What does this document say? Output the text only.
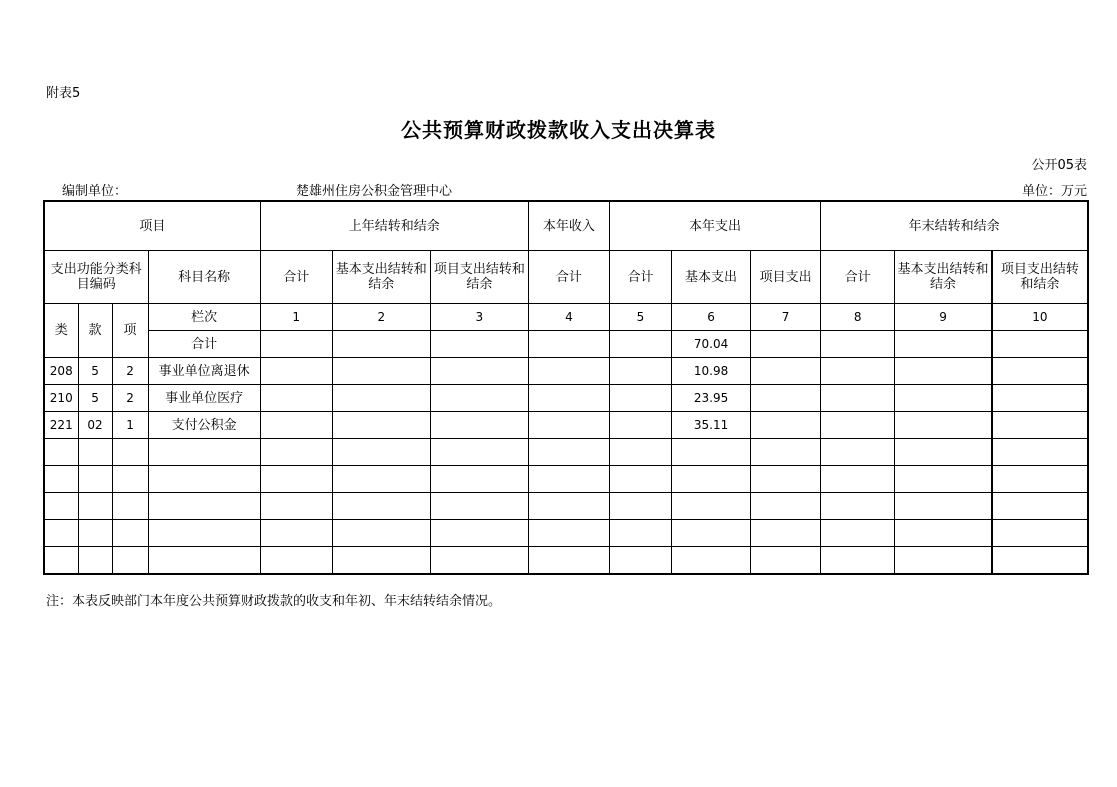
附表5
公共预算财政拨款收入支出决算表
公开05表
编制单位：	楚雄州住房公积金管理中心	单位：万元
项目				上年结转和结余			本年收入	本年支出			年末结转和结余		
支出功能分类科目编码			科目名称	合计	基本支出结转和结余	项目支出结转和结余	合计	合计	基本支出	项目支出	合计	基本支出结转和结余	项目支出结转和结余
类	款	项	栏次	1	2	3	4	5	6	7	8	9	10
			合计						70.04				
208	5	2	事业单位离退休						10.98				
210	5	2	事业单位医疗						23.95				
221	02	1	支付公积金						35.11				

注：本表反映部门本年度公共预算财政拨款的收支和年初、年末结转结余情况。
